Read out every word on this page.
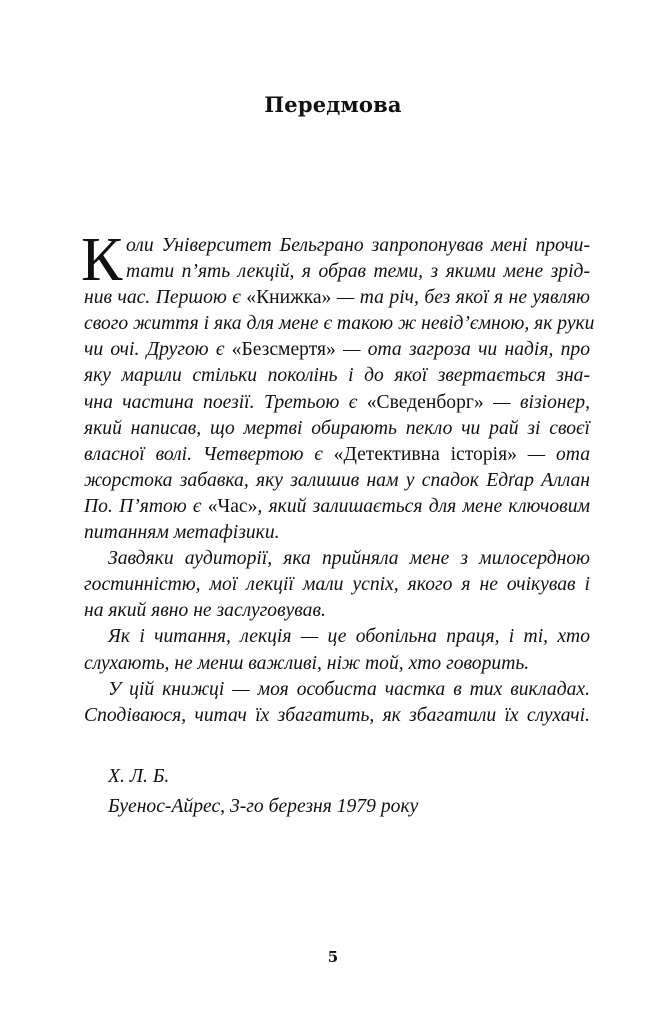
Передмова
К оли Університет Бельграно запропонував мені прочи-
тати п’ять лекцій, я обрав теми, з якими мене зрід-
нив час. Першою є «Книжка» — та річ, без якої я не уявляю
свого життя і яка для мене є такою ж невід’ємною, як руки
чи очі. Другою є «Безсмертя» — ота загроза чи надія, про
яку марили стільки поколінь і до якої звертається зна-
чна частина поезії. Третьою є «Сведенборг» — візіонер,
який написав, що мертві обирають пекло чи рай зі своєї
власної волі. Четвертою є «Детективна історія» — ота
жорстока забавка, яку залишив нам у спадок Едґар Аллан
По. П’ятою є «Час», який залишається для мене ключовим
питанням метафізики.
Завдяки аудиторії, яка прийняла мене з милосердною
гостинністю, мої лекції мали успіх, якого я не очікував і
на який явно не заслуговував.
Як і читання, лекція — це обопільна праця, і ті, хто
слухають, не менш важливі, ніж той, хто говорить.
У цій книжці — моя особиста частка в тих викладах.
Сподіваюся, читач їх збагатить, як збагатили їх слухачі.
Х. Л. Б.
Буенос-Айрес, 3-го березня 1979 року
5
